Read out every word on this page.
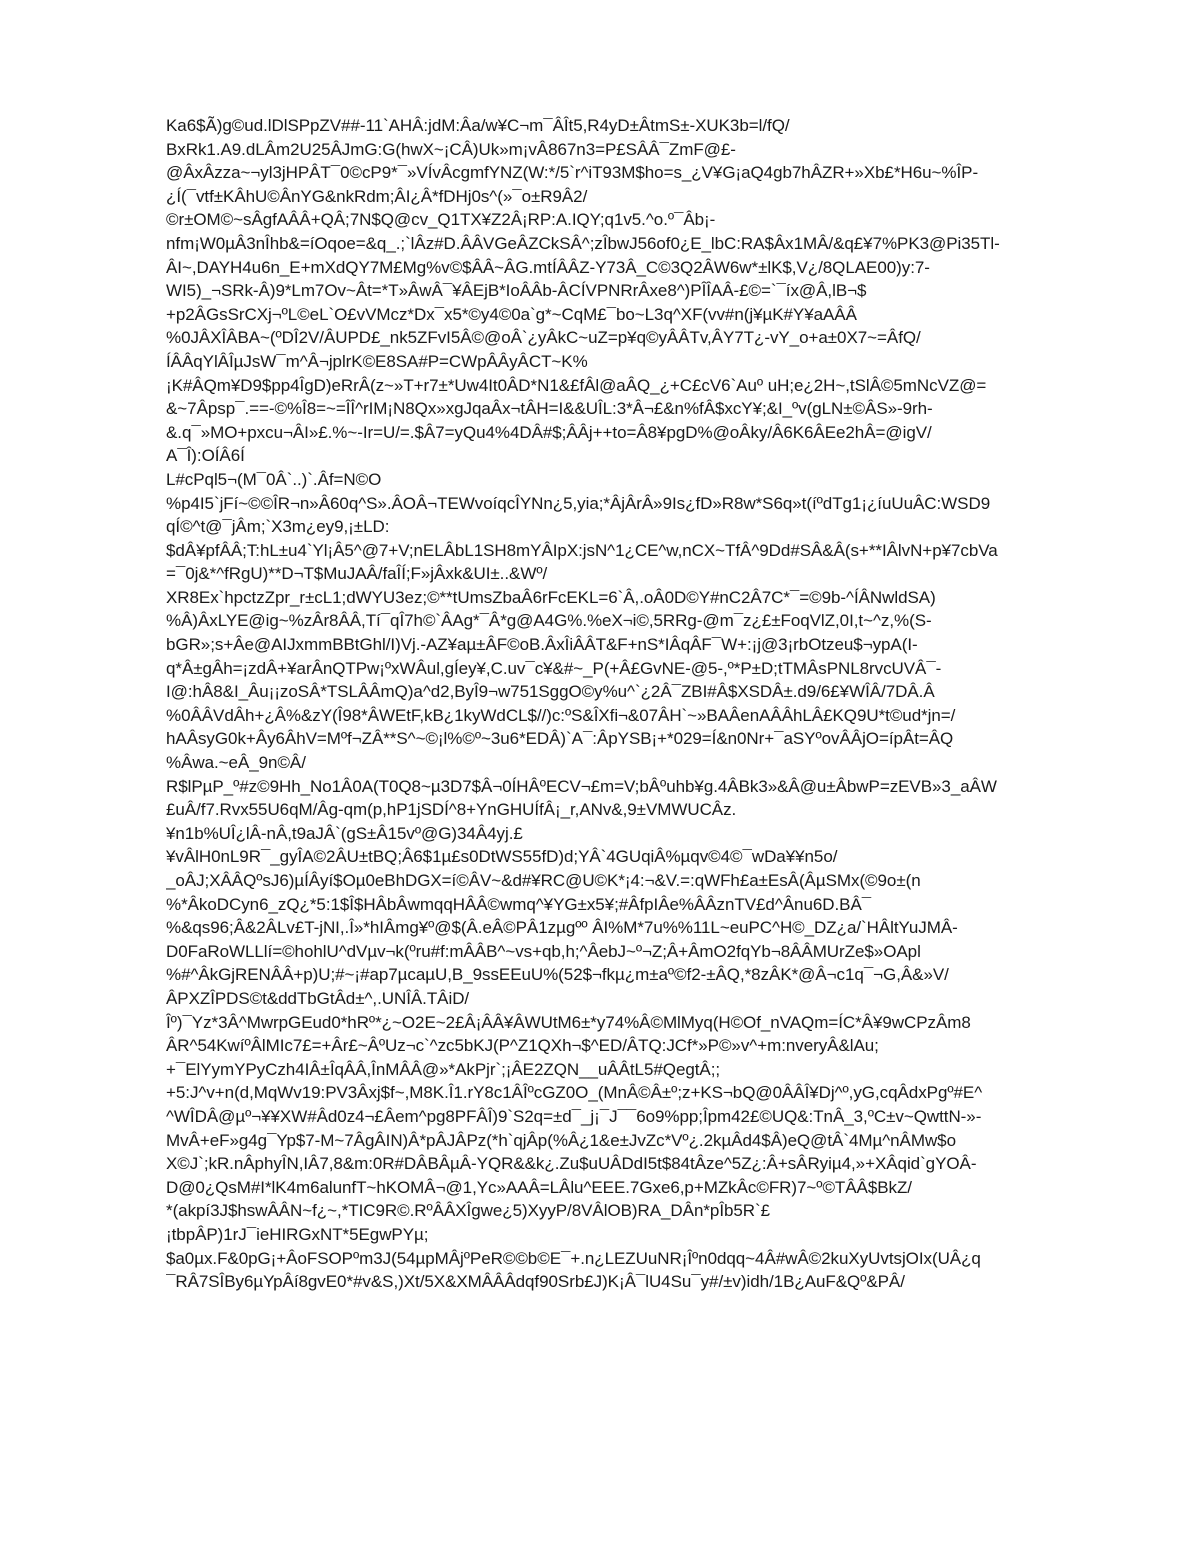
Ka6$Ã)g©ud.lDlSPpZV##-11`AHÂ:jdM:Âa/w¥C¬m¯ÂÎt5,R4yD±ÂtmS±-XUK3b=l/fQ/
BxRk1.A9.dLÂm2U25ÂJmG:G(hwX~¡CÂ)Uk»m¡vÂ867n3=P£SÂÂ¯ZmF@£-
@ÂxÂzza~¬yl3jHPÂT¯0©cP9*¯»VÍvÂcgmfYNZ(W:*/5`r^iT93M$ho=s_¿V¥G¡aQ4gb7hÂZR+»Xb£*H6u~%ÎP-
¿Í(¯vtf±KÂhU©ÂnYG&nkRdm;ÂI¿Â*fDHj0s^(»¯o±R9Â2/
©r±OM©~sÂgfAÂÂ+QÂ;7N$Q@cv_Q1TX¥Z2Â¡RP:A.IQY;q1v5.^o.º¯Âb¡-
nfm¡W0µÂ3nÎhb&=íOqoe=&q_.;`lÂz#D.ÂÂVGeÂZCkSÂ^;zÎbwJ56of0¿E_lbC:RA$Âx1MÂ/&q£¥7%PK3@Pi35Tl-
ÂI~,DAYH4u6n_E+mXdQY7M£Mg%v©$ÂÂ~ÂG.mtÍÂÂZ-Y73Â_C©3Q2ÂW6w*±lK$,V¿/8QLAE00)y:7-
WI5)_¬SRk-Â)9*Lm7Ov~Ât=*T»ÂwÂ¯¥ÂEjB*IoÂÂb-ÂCÍVPNRrÂxe8^)PÎÎAÂ-£©=`¯íx@Â,lB¬$
+p2ÂGsSrCXj¬ºL©eL`O£vVMcz*Dx¯x5*©y4©0a`g*~CqM£¯bo~L3q^XF(vv#n(j¥µK#Y¥aAÂÂ
%0JÂXÎÂBA~(ºDÎ2V/ÂUPD£_nk5ZFvI5Â©@oÂ`¿yÂkC~uZ=p¥q©yÂÂTv,ÂY7T¿-vY_o+a±0X7~=ÂfQ/
ÍÂÂqYlÂÎµJsW¯m^Â¬jplrK©E8SA#P=CWpÂÂyÂCT~K%
¡K#ÂQm¥D9$pp4ÎgD)eRrÂ(z~»T+r7±*Uw4It0ÂD*N1&£fÂl@aÂQ_¿+C£cV6`Auº uH;e¿2H~,tSlÂ©5mNcVZ@=
&~7Âpsp¯.==-©%Î8=~=ÎÎ^rIM¡N8Qx»xgJqaÂx¬tÂH=I&&UÎL:3*Â¬£&n%fÂ$xcY¥;&I_ºv(gLN±©ÂS»-9rh-
&.q¯»MO+pxcu¬ÂI»£.%~-Ir=U/=.$Â7=yQu4%4DÂ#$;ÂÂj++to=Â8¥pgD%@oÂky/Â6K6ÂEe2hÂ=@igV/
A¯Î):OÍÂ6Í
L#cPql5¬(M¯0Â`..)`.Âf=N©O
%p4I5`jFí~©©ÎR¬n»Â60q^S».ÂOÂ¬TEWvoíqcÎYNn¿5,yia;*ÂjÂrÂ»9Is¿fD»R8w*S6q»t(íºdTg1¡¿íuUuÂC:WSD9
qÍ©^t@¯jÂm;`X3m¿ey9,¡±LD:
$dÂ¥pfÂÂ;T:hL±u4`Yl¡Â5^@7+V;nELÂbL1SH8mYÂIpX:jsN^1¿CE^w,nCX~TfÂ^9Dd#SÂ&Â(s+**IÂlvN+p¥7cbVa
=¯0j&*^fRgU)**D¬T$MuJAÂ/faÎÍ;F»jÂxk&UI±..&Wº/
XR8Ex`hpctzZpr_r±cL1;dWYU3ez;©**tUmsZbaÂ6rFcEKL=6`Â,.oÂ0D©Y#nC2Â7C*¯=©9b-^ÍÂNwldSA)
%Â)ÂxLYE@ig~%zÂr8ÂÂ,Tí¯qÎ7h©`ÂAg*¯Â*g@A4G%.%eX¬i©,5RRg-@m¯z¿£±FoqVlZ,0I,t~^z,%(S-
bGR»;s+Âe@AIJxmmBBtGhl/I)Vj.-AZ¥aµ±ÂF©oB.ÂxÎiÂÂT&F+nS*IÂqÂF¯W+:¡j@3¡rbOtzeu$¬ypA(I-
q*Â±gÂh=¡zdÂ+¥arÂnQTPw¡ºxWÂul,gÍey¥,C.uv¯c¥&#~_P(+Â£GvNE-@5-,º*P±D;tTMÂsPNL8rvcUVÂ¯-
I@:hÂ8&I_Âu¡¡zoSÂ*TSLÂÂmQ)a^d2,ByÎ9¬w751SggO©y%u^`¿2Â¯ZBI#Â$XSDÂ±.d9/6£¥WÎÂ/7DÂ.Â
%0ÂÂVdÂh+¿Â%&zY(Î98*ÂWEtF,kB¿1kyWdCL$//)c:ºS&ÎXfi¬&07ÂH`~»BAÂenAÂÂhLÂ£KQ9U*t©ud*jn=/
hAÂsyG0k+Ây6ÂhV=Mºf¬ZÂ**S^~©¡l%©º~3u6*EDÂ)`A¯:ÂpYSB¡+*029=Í&n0Nr+¯aSYºovÂÂjO=ípÂt=ÂQ
%Âwa.~eÂ_9n©Â/
R$lPµP_º#z©9Hh_No1Â0A(T0Q8~µ3D7$Â¬0ÍHÂºECV¬£m=V;bÂºuhb¥g.4ÂBk3»&Â@u±ÂbwP=zEVB»3_aÂW
£uÂ/f7.Rvx55U6qM/Âg-qm(p,hP1jSDÍ^8+YnGHUÍfÂ¡_r,ANv&,9±VMWUCÂz.
¥n1b%UÎ¿lÂ-nÂ,t9aJÂ`(gS±Â15vº@G)34Â4yj.£
¥vÂlH0nL9R¯_gyÎA©2ÂU±tBQ;Â6$1µ£s0DtWS55fD)d;YÂ`4GUqiÂ%µqv©4©¯wDa¥¥n5o/
_oÂJ;XÂÂQºsJ6)µÍÂyí$Oµ0eBhDGX=í©ÂV~&d#¥RC@U©K*¡4:¬&V.=:qWFh£a±EsÂ(ÂµSMx(©9o±(n
%*ÂkoDCyn6_zQ¿*5:1$Î$HÂbÂwmqqHÂÂ©wmq^¥YG±x5¥;#ÂfpIÂe%ÂÂznTV£d^Ânu6D.BÂ¯
%&qs96;Â&2ÂLv£T-jNI,.Î»*hIÂmg¥º@$(Â.eÂ©PÂ1zµgºº ÂI%M*7u%%11L~euPC^H©_DZ¿a/`HÂltYuJMÂ-
D0FaRoWLLlí=©hohlU^dVµv¬k(ºru#f:mÂÂB^~vs+qb,h;^ÂebJ~º¬Z;Â+ÂmO2fqYb¬8ÂÂMUrZe$»OApl
%#^ÂkGjRENÂÂ+p)U;#~¡#ap7µcaµU,B_9ssEEuU%(52$¬fkµ¿m±aº©f2-±ÂQ,*8zÂK*@Â¬c1q¯¬G,Â&»V/
ÂPXZÎPDS©t&ddTbGtÂd±^,.UNÎÂ.TÂiD/
Îº)¯Yz*3Â^MwrpGEud0*hRº*¿~O2E~2£Â¡ÂÂ¥ÂWUtM6±*y74%Â©MlMyq(H©Of_nVAQm=ÍC*Â¥9wCPzÂm8
ÂR^54KwíºÂlMIc7£=+Âr£~ÂºUz¬c`^zc5bKJ(P^Z1QXh¬$^ED/ÂTQ:JCf*»P©»v^+m:nveryÂ&lAu;
+¯ElYymYPyCzh4IÂ±ÎqÂÂ,ÎnMÂÂ@»*AkPjr`;¡ÂE2ZQN__uÂÂtL5#QegtÂ;;
+5:J^v+n(d,MqWv19:PV3Âxj$f~,M8K.Î1.rY8c1ÂÎºcGZ0O_(MnÂ©Â±º;z+KS¬bQ@0ÂÂÎ¥Dj^º,yG,cqÂdxPgº#E^
^WÎDÂ@µº¬¥¥XW#Âd0z4¬£Âem^pg8PFÂÎ)9`S2q=±d¯_j¡¯J¯¯6o9%pp;Îpm42£©UQ&:TnÂ_3,ºC±v~QwttN-»-
MvÂ+eF»g4g¯Yp$7-M~7ÂgÂIN)Â*pÂJÂPz(*h`qjÂp(%Â¿1&e±JvZc*Vº¿.2kµÂd4$Â)eQ@tÂ`4Mµ^nÂMw$o
X©J`;kR.nÂphyÎN,IÂ7,8&m:0R#DÂBÂµÂ-YQR&&k¿.Zu$uUÂDdI5t$84tÂze^5Z¿:Â+sÂRyiµ4,»+XÂqid`gYOÂ-
D@0¿QsM#I*lK4m6alunfT~hKOMÂ¬@1,Yc»AAÂ=LÂlu^EEE.7Gxe6,p+MZkÂc©FR)7~º©TÂÂ$BkZ/
*(akpí3J$hswÂÂN~f¿~,*TIC9R©.RºÂÂXÎgwe¿5)XyyP/8VÂlOB)RA_DÂn*pÎb5R`£
¡tbpÂP)1rJ¯ieHIRGxNT*5EgwPYµ;
$a0µx.F&0pG¡+ÂoFSOPºm3J(54µpMÂjºPeR©©b©E¯+.n¿LEZUuNR¡Îºn0dqq~4Â#wÂ©2kuXyUvtsjOIx(UÂ¿q
¯RÂ7SÎBy6µYpÂí8gvE0*#v&S,)Xt/5X&XMÂÂÂdqf90Srb£J)K¡Â¯lU4Su¯y#/±v)idh/1B¿AuF&Qº&PÂ/
